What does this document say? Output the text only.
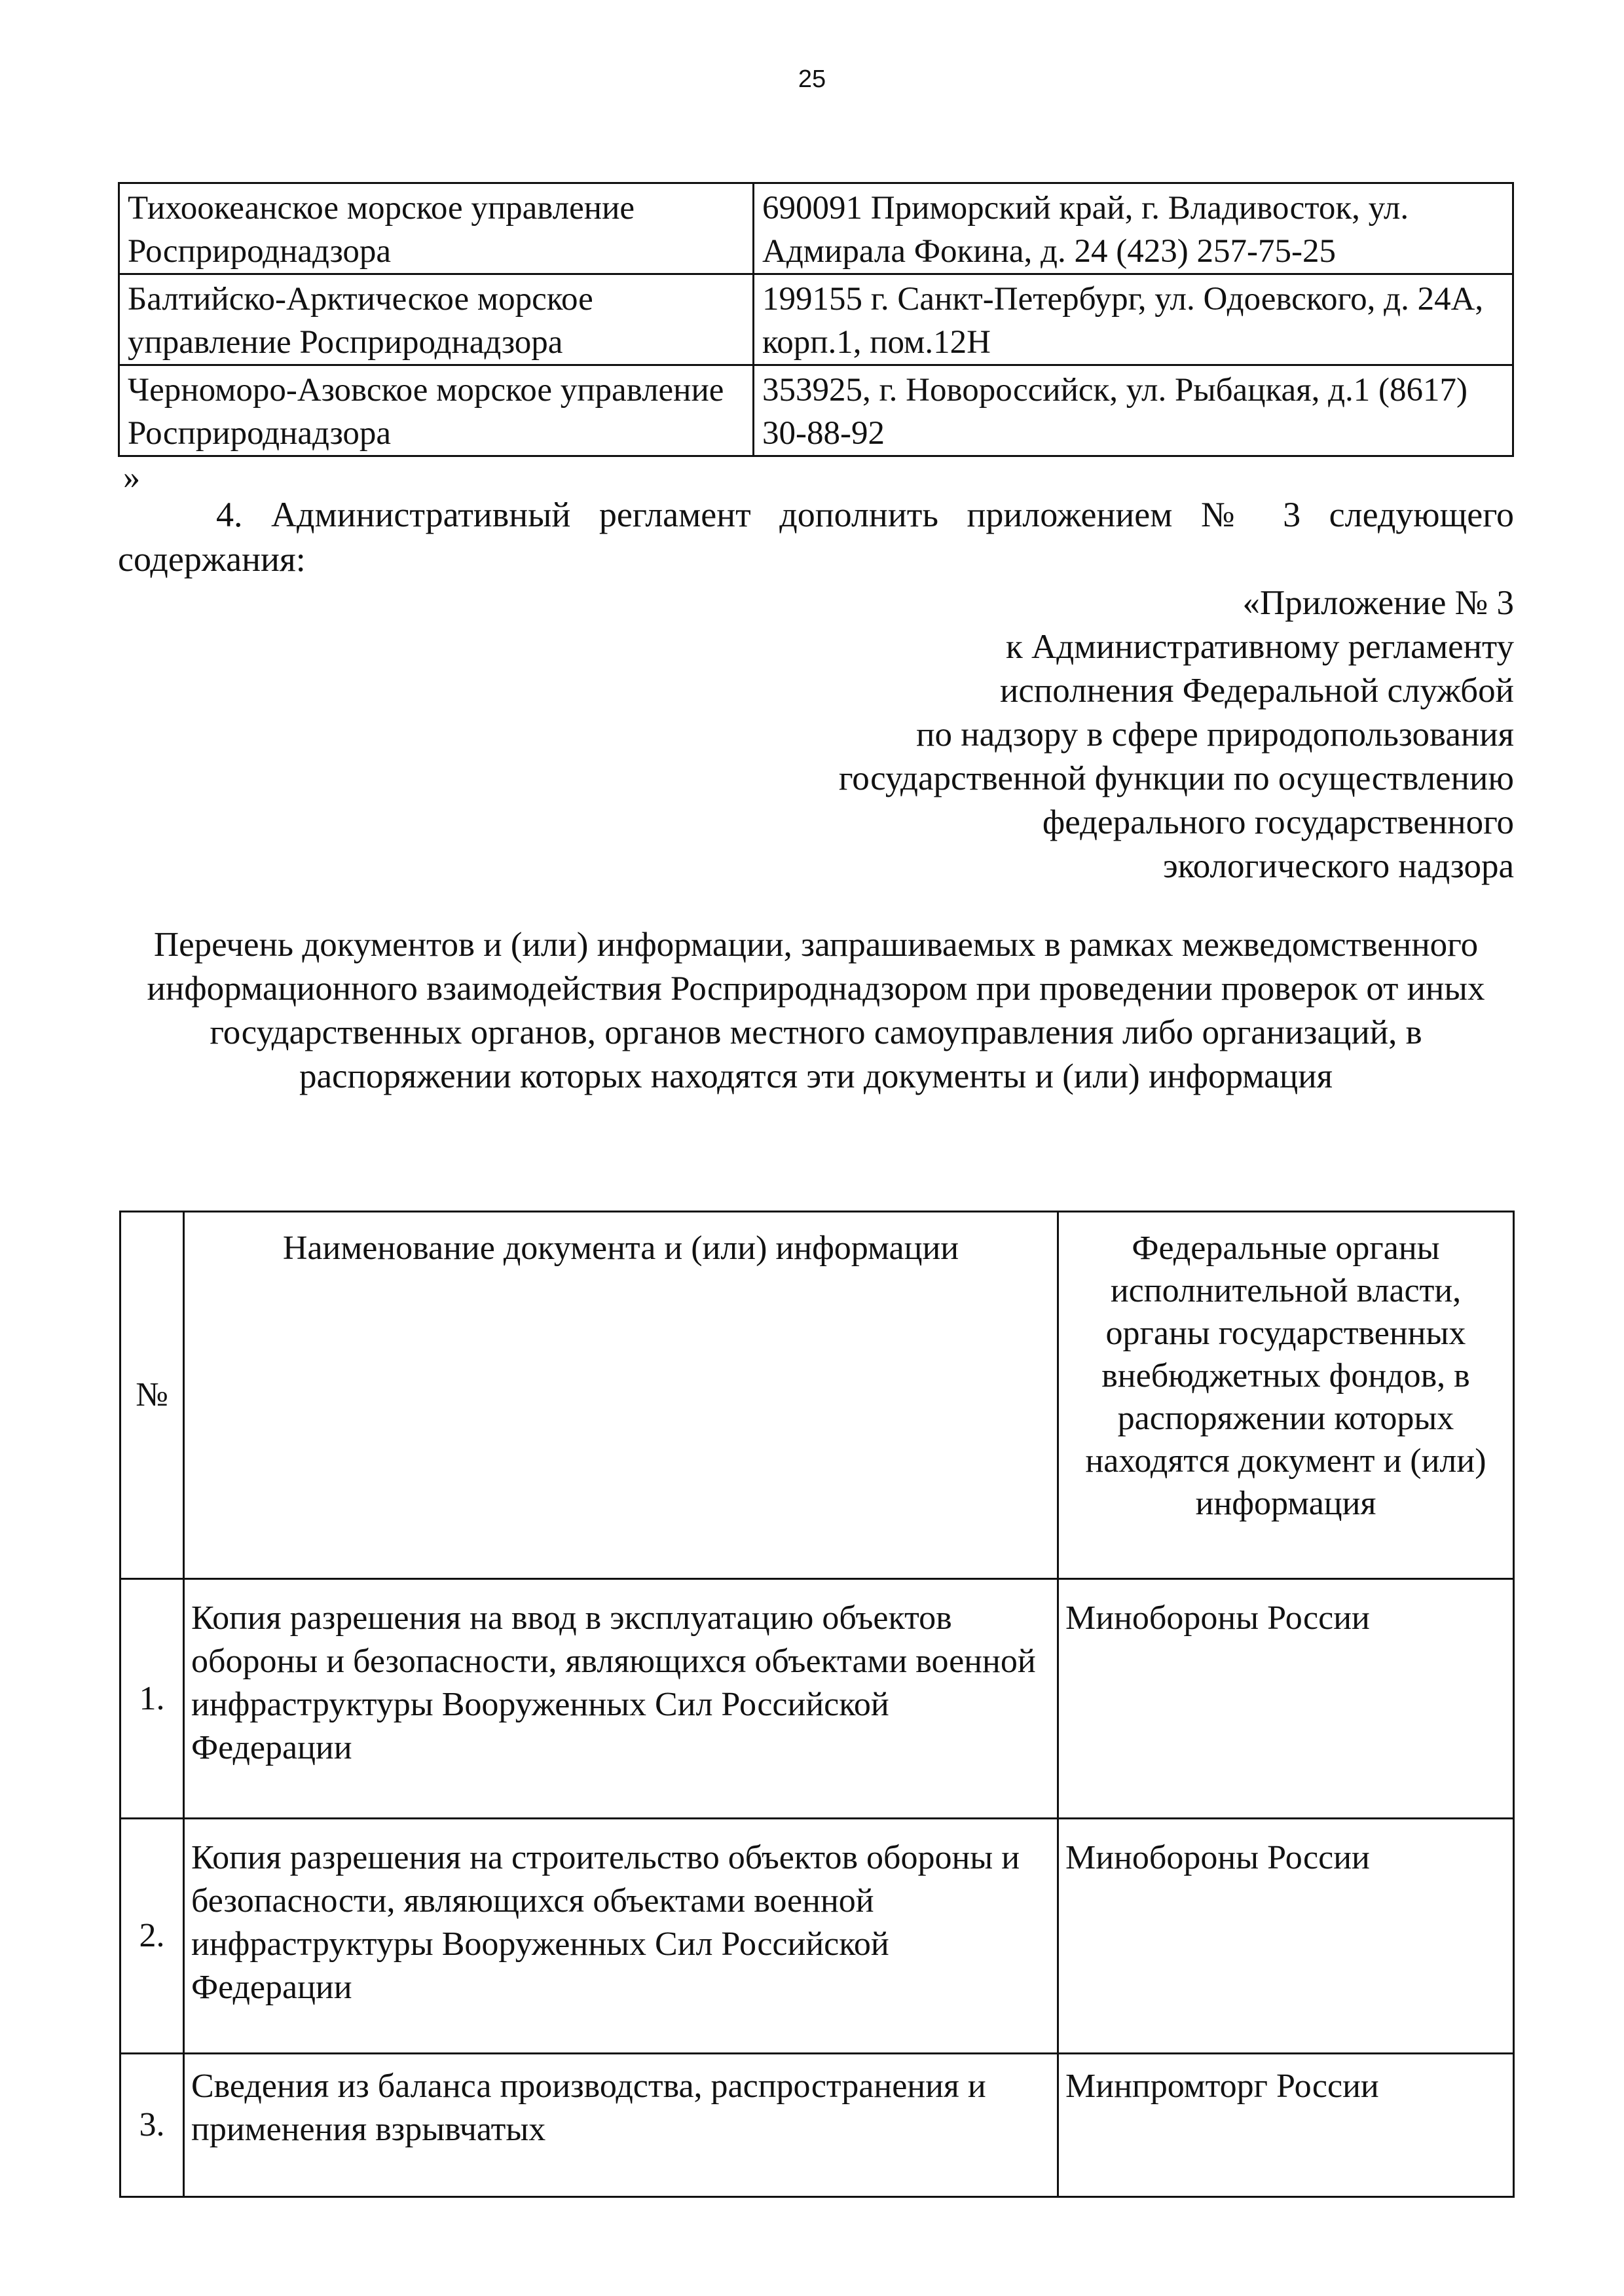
25
Тихоокеанское морское управление Росприроднадзора	690091 Приморский край, г. Владивосток, ул. Адмирала Фокина, д. 24 (423) 257-75-25
Балтийско-Арктическое морское управление Росприроднадзора	199155 г. Санкт-Петербург, ул. Одоевского, д. 24А, корп.1, пом.12Н
Черноморо-Азовское морское управление Росприроднадзора	353925, г. Новороссийск, ул. Рыбацкая, д.1 (8617) 30-88-92
»
4. Административный регламент дополнить приложением № 3 следующего содержания:
«Приложение № 3
к Административному регламенту
исполнения Федеральной службой
по надзору в сфере природопользования
государственной функции по осуществлению
федерального государственного
экологического надзора
Перечень документов и (или) информации, запрашиваемых в рамках межведомственного информационного взаимодействия Росприроднадзором при проведении проверок от иных государственных органов, органов местного самоуправления либо организаций, в распоряжении которых находятся эти документы и (или) информация
№	Наименование документа и (или) информации	Федеральные органы исполнительной власти, органы государственных внебюджетных фондов, в распоряжении которых находятся документ и (или) информация
1.	Копия разрешения на ввод в эксплуатацию объектов обороны и безопасности, являющихся объектами военной инфраструктуры Вооруженных Сил Российской Федерации	Минобороны России
2.	Копия разрешения на строительство объектов обороны и безопасности, являющихся объектами военной инфраструктуры Вооруженных Сил Российской Федерации	Минобороны России
3.	Сведения из баланса производства, распространения и применения взрывчатых	Минпромторг России
